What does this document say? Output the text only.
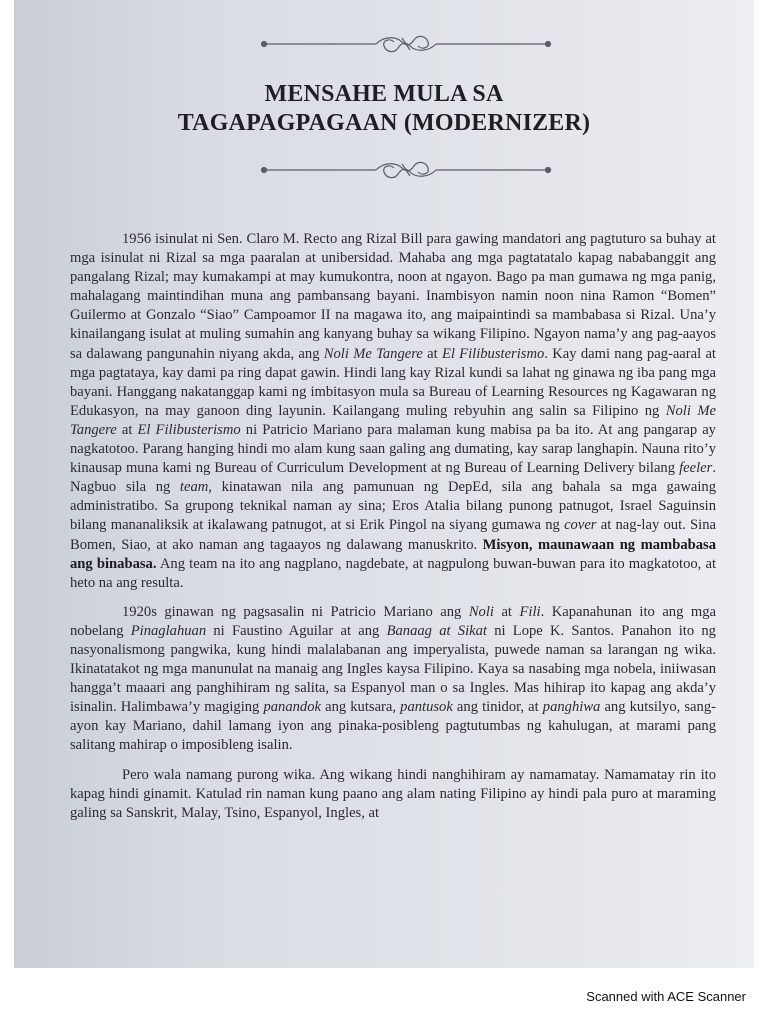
MENSAHE MULA SA
TAGAPAGPAGAAN (MODERNIZER)

1956 isinulat ni Sen. Claro M. Recto ang Rizal Bill para gawing mandatori ang pagtuturo sa buhay at mga isinulat ni Rizal sa mga paaralan at unibersidad. Mahaba ang mga pagtatatalo kapag nababanggit ang pangalang Rizal; may kumakampi at may kumukontra, noon at ngayon. Bago pa man gumawa ng mga panig, mahalagang maintindihan muna ang pambansang bayani. Inambisyon namin noon nina Ramon “Bomen” Guilermo at Gonzalo “Siao” Campoamor II na magawa ito, ang maipaintindi sa mambabasa si Rizal. Una’y kinailangang isulat at muling sumahin ang kanyang buhay sa wikang Filipino. Ngayon nama’y ang pag-aayos sa dalawang pangunahin niyang akda, ang Noli Me Tangere at El Filibusterismo. Kay dami nang pag-aaral at mga pagtataya, kay dami pa ring dapat gawin. Hindi lang kay Rizal kundi sa lahat ng ginawa ng iba pang mga bayani. Hanggang nakatanggap kami ng imbitasyon mula sa Bureau of Learning Resources ng Kagawaran ng Edukasyon, na may ganoon ding layunin. Kailangang muling rebyuhin ang salin sa Filipino ng Noli Me Tangere at El Filibusterismo ni Patricio Mariano para malaman kung mabisa pa ba ito. At ang pangarap ay nagkatotoo. Parang hanging hindi mo alam kung saan galing ang dumating, kay sarap langhapin. Nauna rito’y kinausap muna kami ng Bureau of Curriculum Development at ng Bureau of Learning Delivery bilang feeler. Nagbuo sila ng team, kinatawan nila ang pamunuan ng DepEd, sila ang bahala sa mga gawaing administratibo. Sa grupong teknikal naman ay sina; Eros Atalia bilang punong patnugot, Israel Saguinsin bilang mananaliksik at ikalawang patnugot, at si Erik Pingol na siyang gumawa ng cover at nag-lay out. Sina Bomen, Siao, at ako naman ang tagaayos ng dalawang manuskrito. Misyon, maunawaan ng mambabasa ang binabasa. Ang team na ito ang nagplano, nagdebate, at nagpulong buwan-buwan para ito magkatotoo, at heto na ang resulta.

1920s ginawan ng pagsasalin ni Patricio Mariano ang Noli at Fili. Kapanahunan ito ang mga nobelang Pinaglahuan ni Faustino Aguilar at ang Banaag at Sikat ni Lope K. Santos. Panahon ito ng nasyonalismong pangwika, kung hindi malalabanan ang imperyalista, puwede naman sa larangan ng wika. Ikinatatakot ng mga manunulat na manaig ang Ingles kaysa Filipino. Kaya sa nasabing mga nobela, iniiwasan hangga’t maaari ang panghihiram ng salita, sa Espanyol man o sa Ingles. Mas hihirap ito kapag ang akda’y isinalin. Halimbawa’y magiging panandok ang kutsara, pantusok ang tinidor, at panghiwa ang kutsilyo, sang-ayon kay Mariano, dahil lamang iyon ang pinaka-posibleng pagtutumbas ng kahulugan, at marami pang salitang mahirap o imposibleng isalin.

Pero wala namang purong wika. Ang wikang hindi nanghihiram ay namamatay. Namamatay rin ito kapag hindi ginamit. Katulad rin naman kung paano ang alam nating Filipino ay hindi pala puro at maraming galing sa Sanskrit, Malay, Tsino, Espanyol, Ingles, at

Scanned with ACE Scanner
